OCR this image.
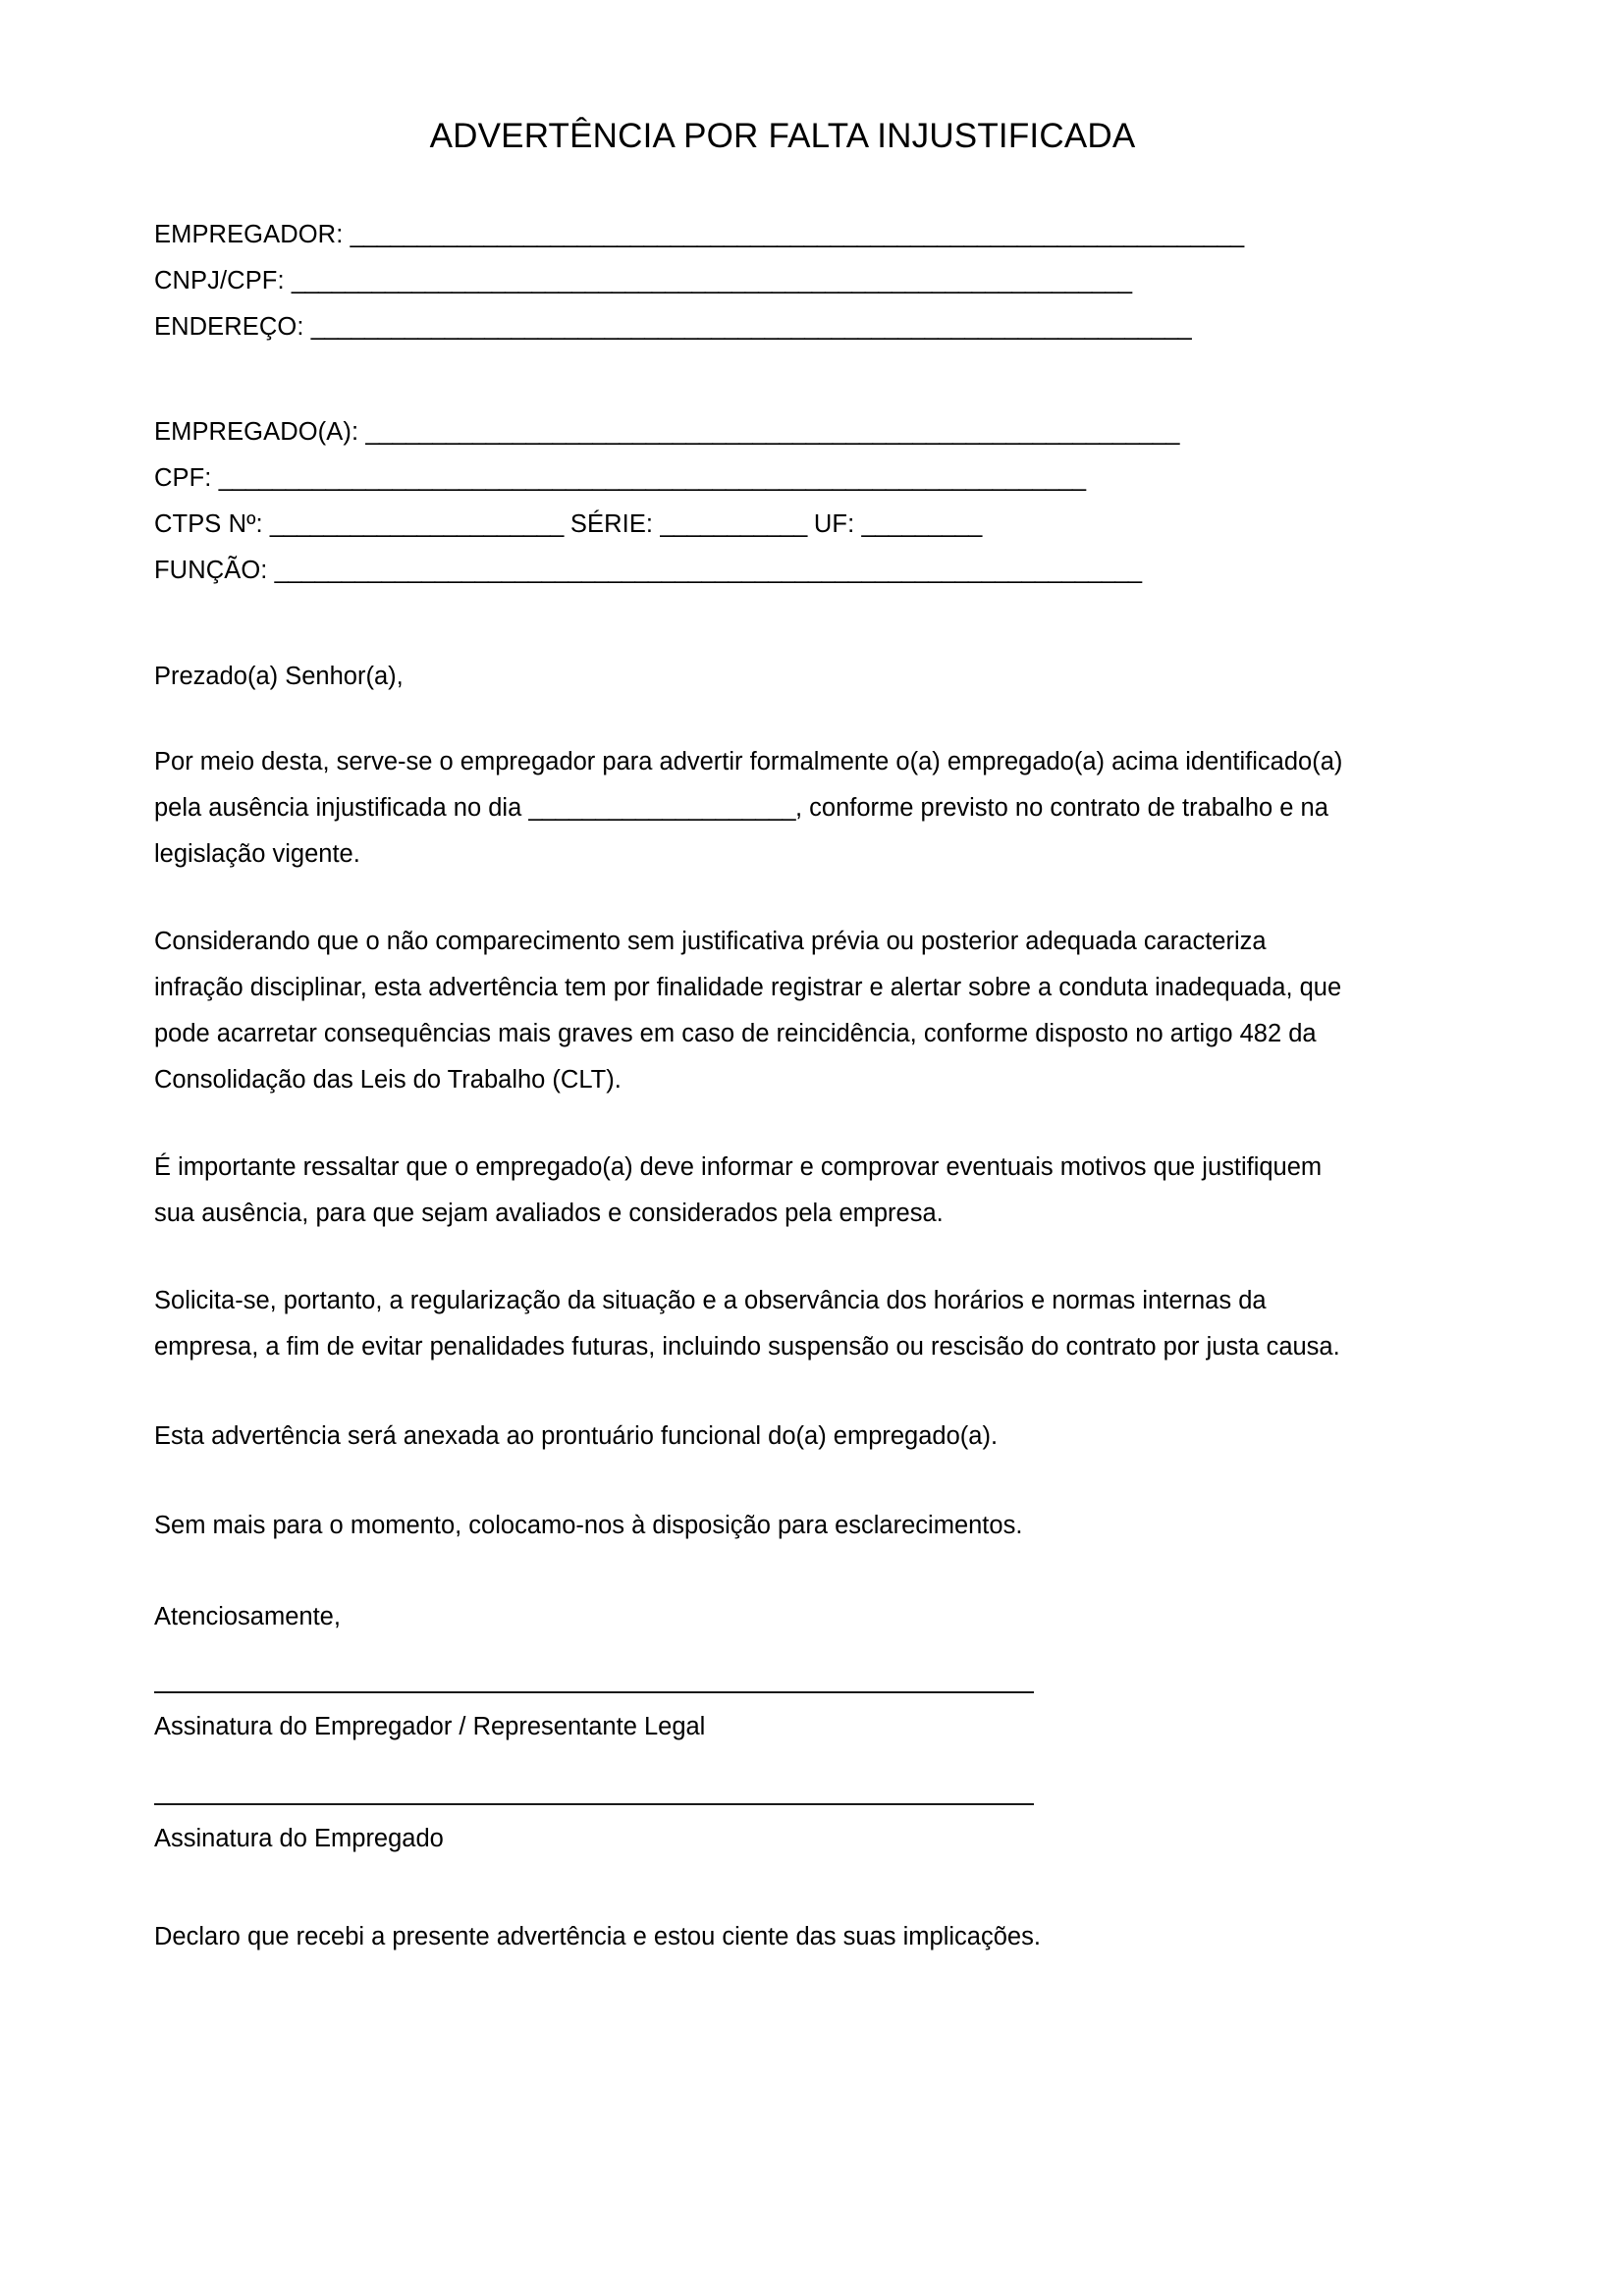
ADVERTÊNCIA POR FALTA INJUSTIFICADA
EMPREGADOR: ___________________________________________________________________
CNPJ/CPF: _______________________________________________________________
ENDEREÇO: __________________________________________________________________
EMPREGADO(A): _____________________________________________________________
CPF: _________________________________________________________________
CTPS Nº: ______________________ SÉRIE: ___________ UF: _________
FUNÇÃO: _________________________________________________________________

Prezado(a) Senhor(a),

Por meio desta, serve-se o empregador para advertir formalmente o(a) empregado(a) acima identificado(a) pela ausência injustificada no dia ____________________, conforme previsto no contrato de trabalho e na legislação vigente.

Considerando que o não comparecimento sem justificativa prévia ou posterior adequada caracteriza infração disciplinar, esta advertência tem por finalidade registrar e alertar sobre a conduta inadequada, que pode acarretar consequências mais graves em caso de reincidência, conforme disposto no artigo 482 da Consolidação das Leis do Trabalho (CLT).

É importante ressaltar que o empregado(a) deve informar e comprovar eventuais motivos que justifiquem sua ausência, para que sejam avaliados e considerados pela empresa.

Solicita-se, portanto, a regularização da situação e a observância dos horários e normas internas da empresa, a fim de evitar penalidades futuras, incluindo suspensão ou rescisão do contrato por justa causa.

Esta advertência será anexada ao prontuário funcional do(a) empregado(a).

Sem mais para o momento, colocamo-nos à disposição para esclarecimentos.

Atenciosamente,

Assinatura do Empregador / Representante Legal
Assinatura do Empregado

Declaro que recebi a presente advertência e estou ciente das suas implicações.
